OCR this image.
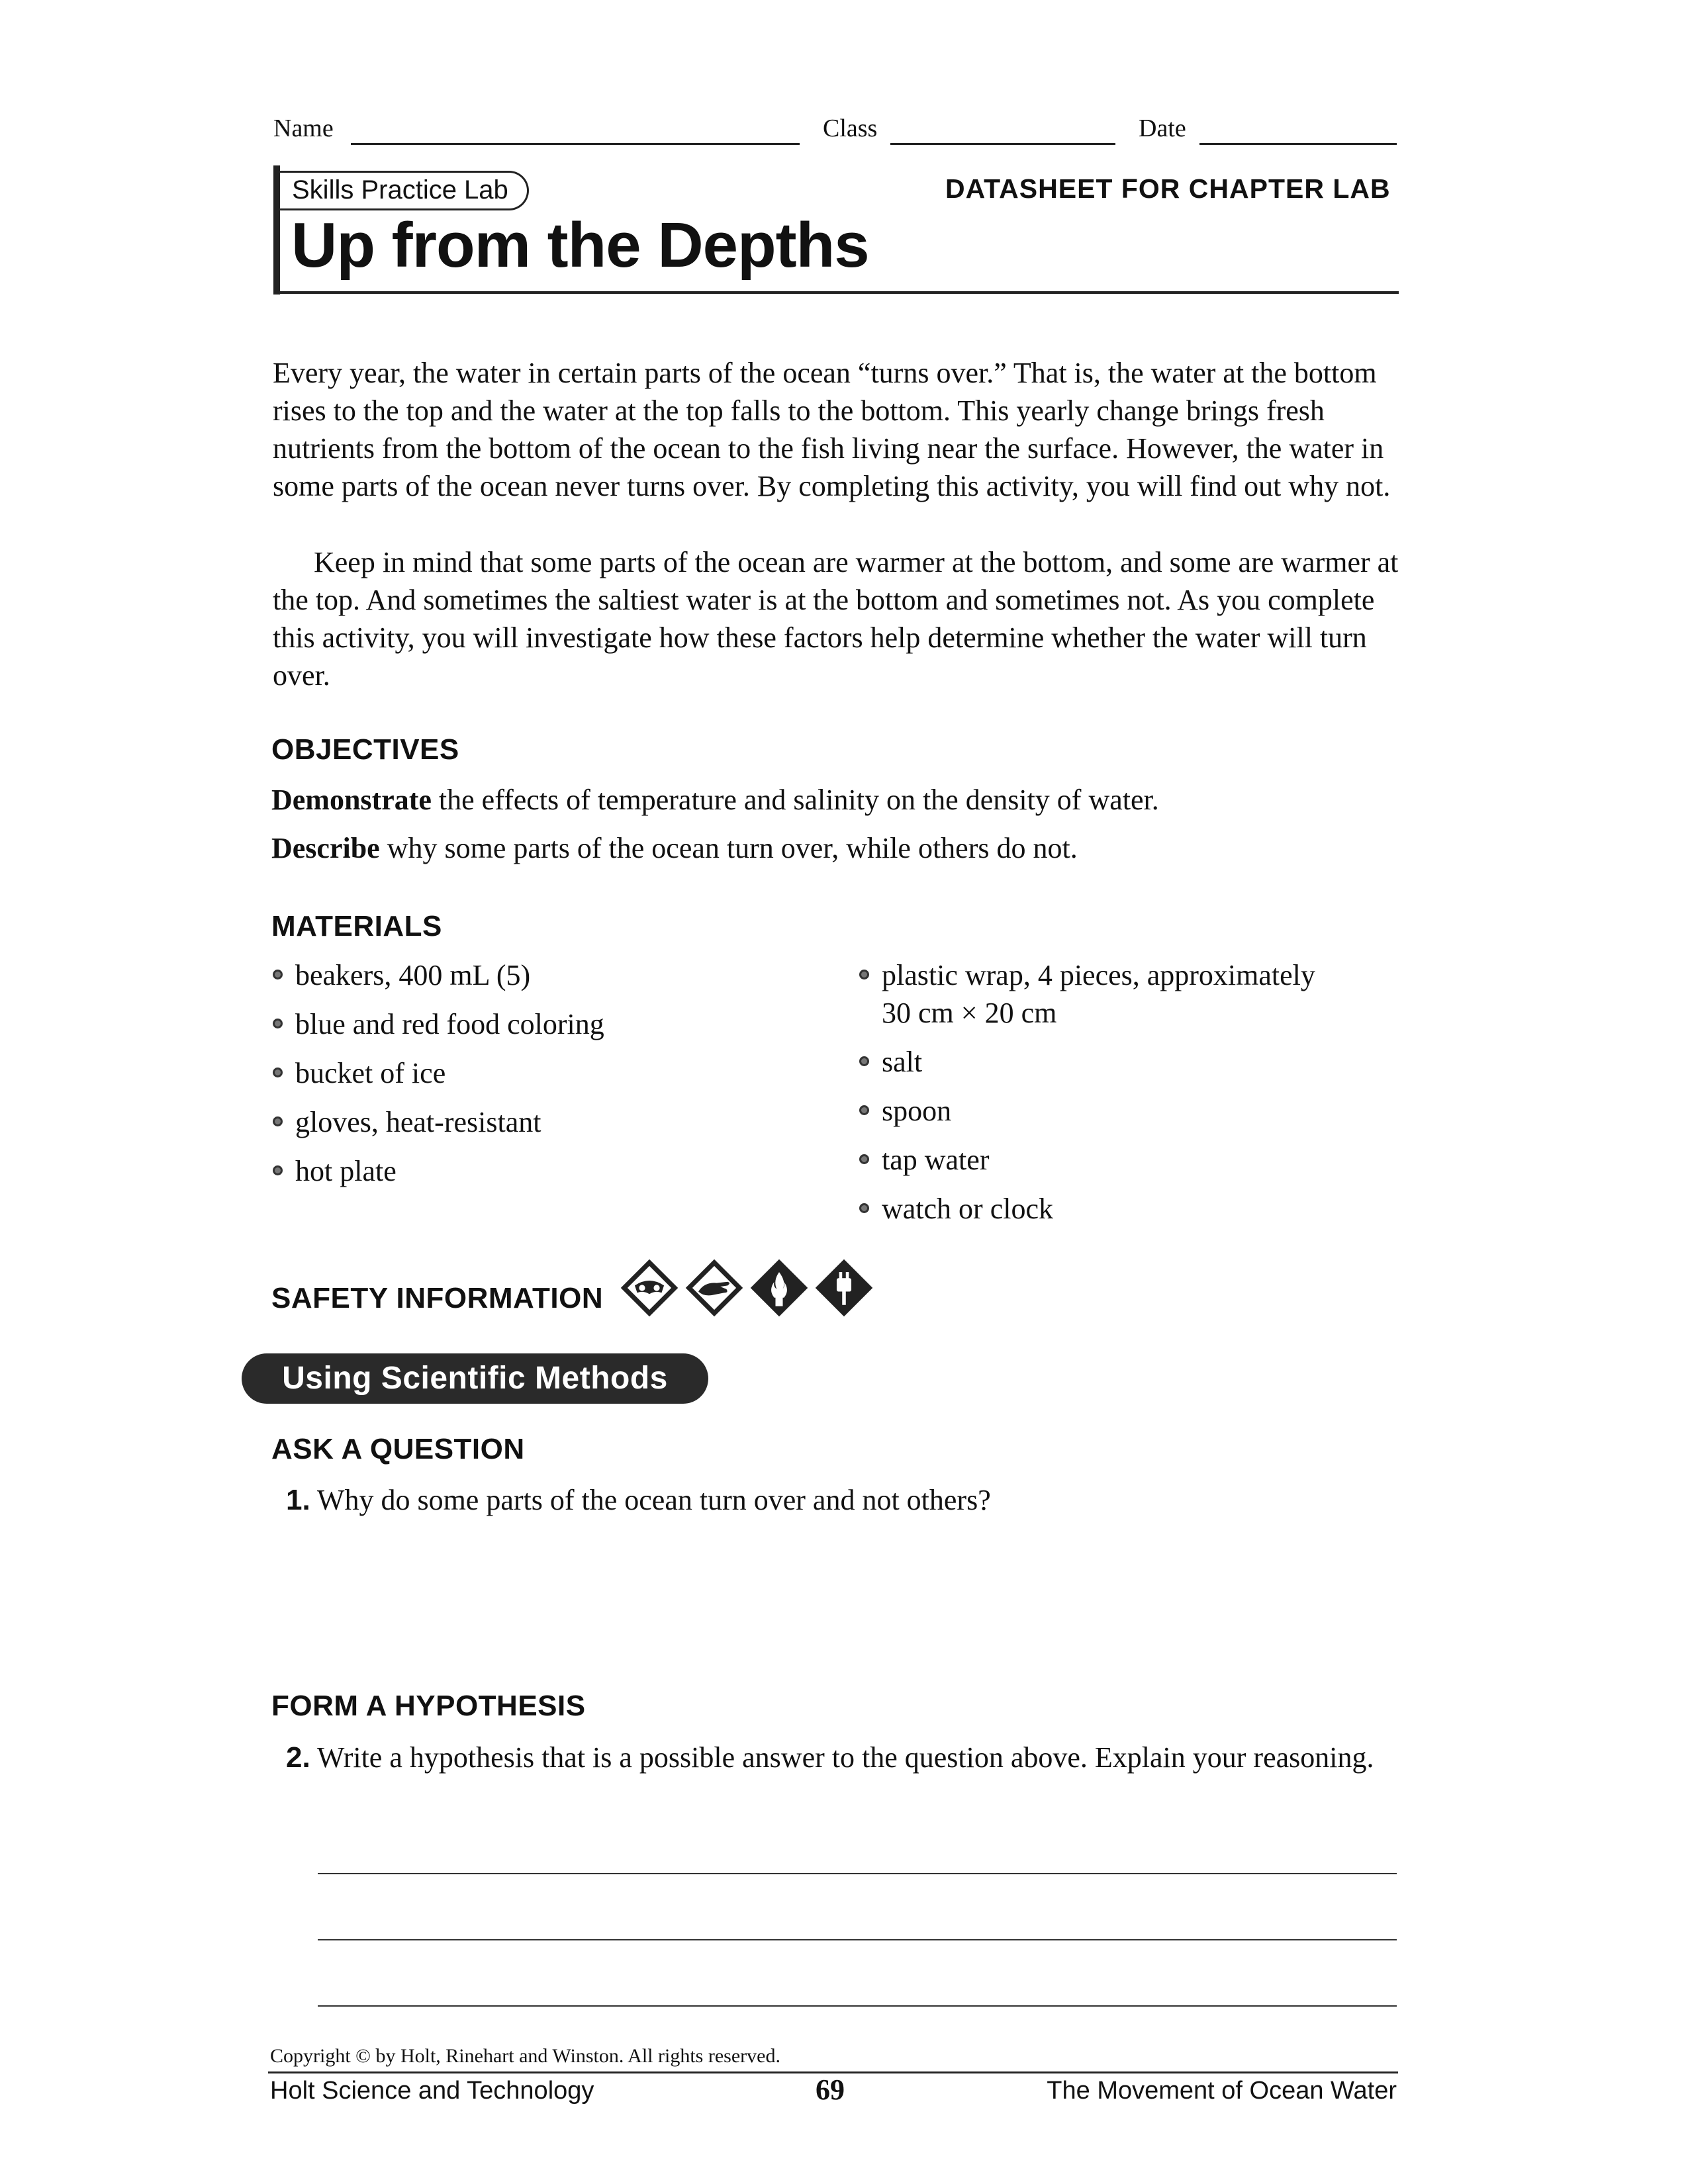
Name	Class	Date
Skills Practice Lab	DATASHEET FOR CHAPTER LAB
Up from the Depths

Every year, the water in certain parts of the ocean “turns over.” That is, the water at the bottom rises to the top and the water at the top falls to the bottom. This yearly change brings fresh nutrients from the bottom of the ocean to the fish living near the surface. However, the water in some parts of the ocean never turns over. By completing this activity, you will find out why not.

Keep in mind that some parts of the ocean are warmer at the bottom, and some are warmer at the top. And sometimes the saltiest water is at the bottom and sometimes not. As you complete this activity, you will investigate how these factors help determine whether the water will turn over.

OBJECTIVES
Demonstrate the effects of temperature and salinity on the density of water.
Describe why some parts of the ocean turn over, while others do not.
MATERIALS
beakers, 400 mL (5)
blue and red food coloring
bucket of ice
gloves, heat-resistant
hot plate
plastic wrap, 4 pieces, approximately
30 cm × 20 cm
salt
spoon
tap water
watch or clock
SAFETY INFORMATION
Using Scientific Methods
ASK A QUESTION
1. Why do some parts of the ocean turn over and not others?
FORM A HYPOTHESIS
2. Write a hypothesis that is a possible answer to the question above. Explain your reasoning.
Copyright © by Holt, Rinehart and Winston. All rights reserved.
Holt Science and Technology	69	The Movement of Ocean Water
